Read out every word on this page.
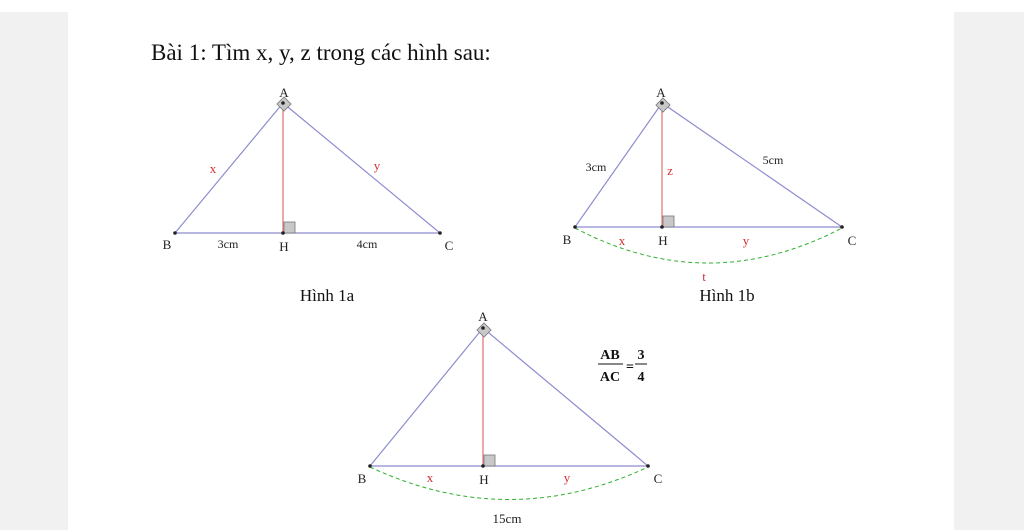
Bài 1: Tìm x, y, z trong các hình sau:
A
B	H	C
x	y
3cm	4cm
Hình 1a
A
B	H	C
3cm	5cm
z
x	y
t
Hình 1b
A
B	H	C
x	y
15cm
AB
AC
=
3
4
